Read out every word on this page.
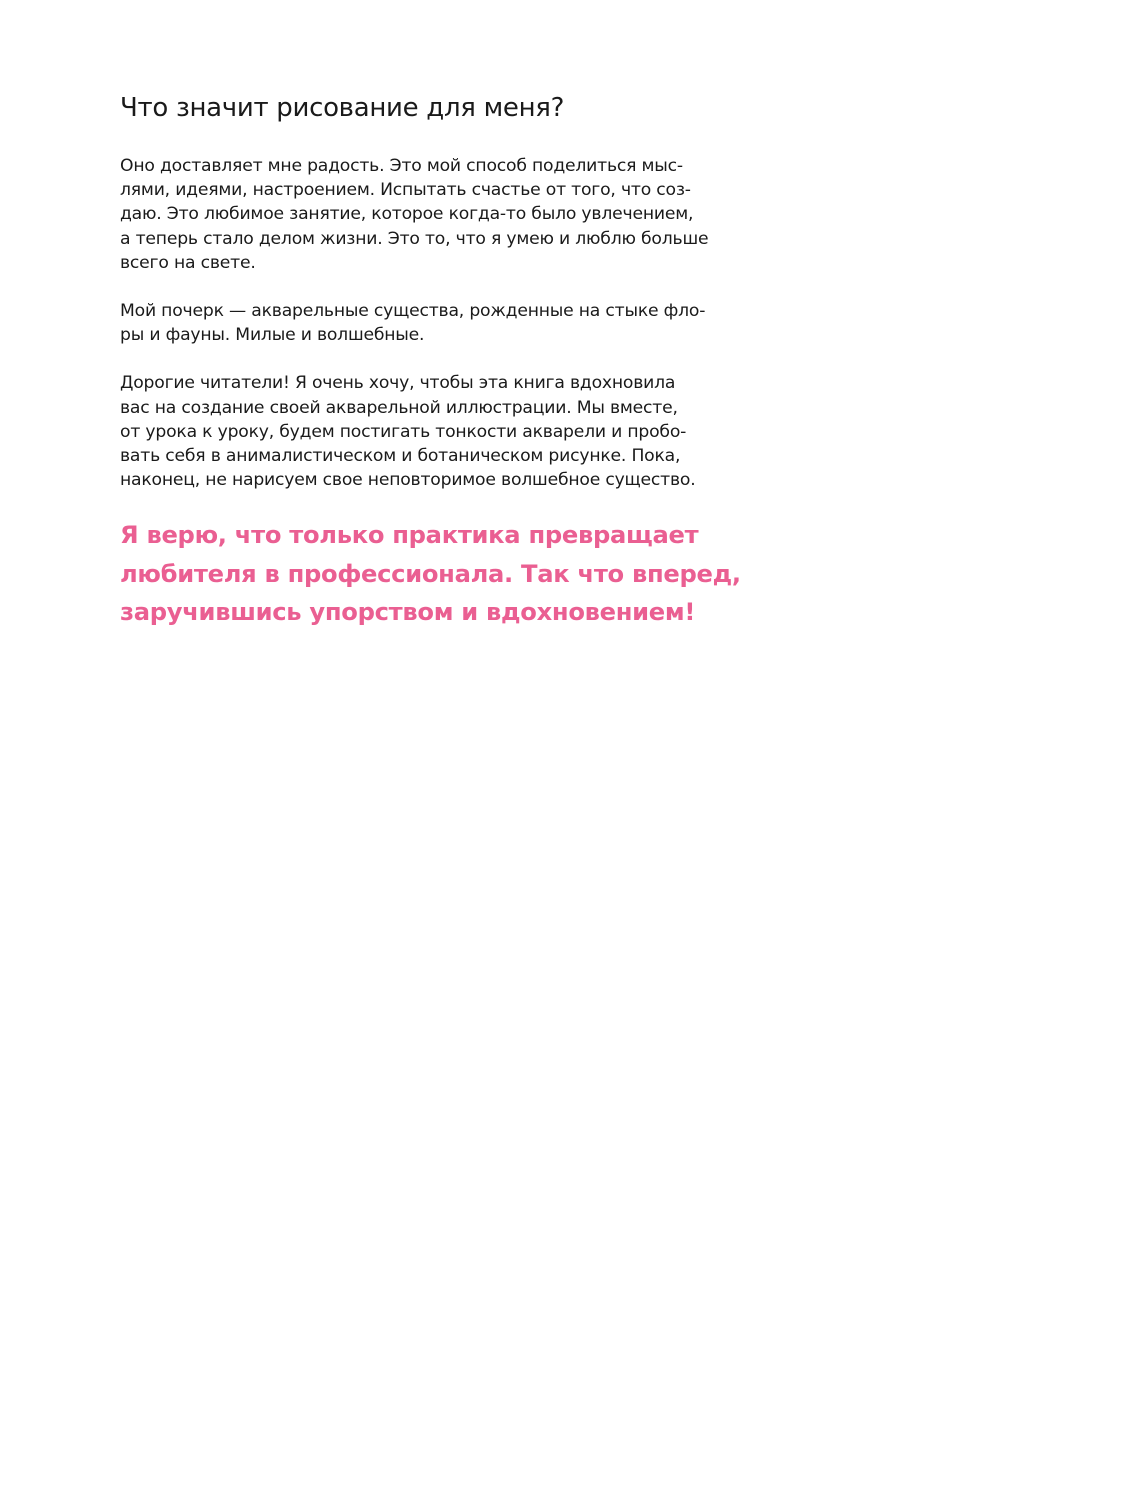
Что значит рисование для меня?

Оно доставляет мне радость. Это мой способ поделиться мыс-
лями, идеями, настроением. Испытать счастье от того, что соз-
даю. Это любимое занятие, которое когда-то было увлечением,
а теперь стало делом жизни. Это то, что я умею и люблю больше
всего на свете.

Мой почерк — акварельные существа, рожденные на стыке фло-
ры и фауны. Милые и волшебные.

Дорогие читатели! Я очень хочу, чтобы эта книга вдохновила
вас на создание своей акварельной иллюстрации. Мы вместе,
от урока к уроку, будем постигать тонкости акварели и пробо-
вать себя в анималистическом и ботаническом рисунке. Пока,
наконец, не нарисуем свое неповторимое волшебное существо.

Я верю, что только практика превращает
любителя в профессионала. Так что вперед,
заручившись упорством и вдохновением!
